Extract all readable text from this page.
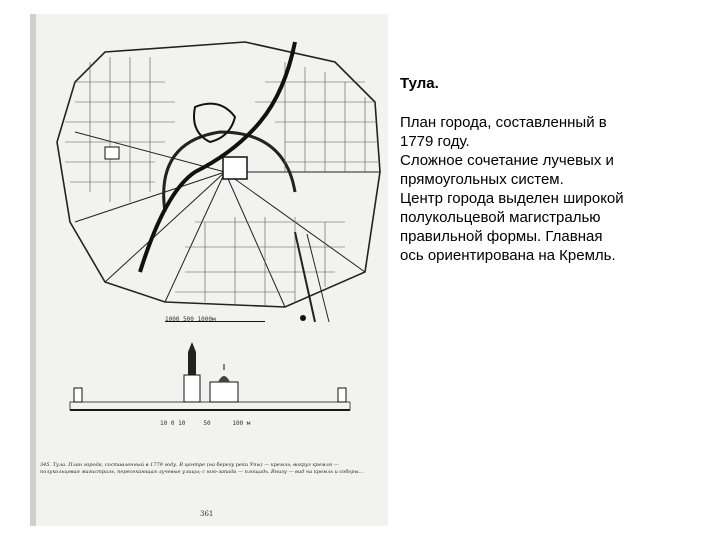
1000 500 1000м
10 0 10	50	100 м
345. Тула. План города, составленный в 1779 году. В центре (на берегу реки Упы) — кремль; вокруг кремля — полукольцевая магистраль, пересекающая лучевые улицы; с юго-запада — площадь. Внизу — вид на кремль и соборы...
361
Тула.
План города, составленный в
1779 году.
Сложное сочетание лучевых и
прямоугольных систем.
Центр города выделен широкой
полукольцевой магистралью
правильной формы. Главная
ось ориентирована на Кремль.
